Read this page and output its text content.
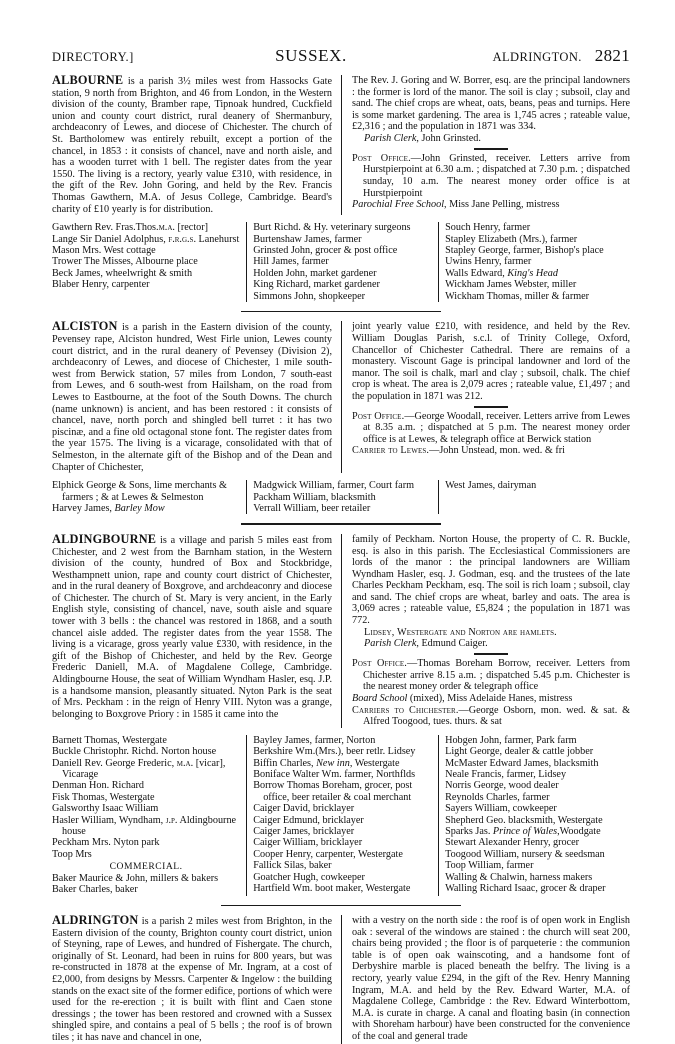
DIRECTORY.]	SUSSEX.	ALDRINGTON. 2821

ALBOURNE is a parish 3½ miles west from Hassocks Gate station, 9 north from Brighton, and 46 from London, in the Western division of the county, Bramber rape, Tipnoak hundred, Cuckfield union and county court district, rural deanery of Shermanbury, archdeaconry of Lewes, and diocese of Chichester. The church of St. Bartholomew was entirely rebuilt, except a portion of the chancel, in 1853 : it consists of chancel, nave and north aisle, and has a wooden turret with 1 bell. The register dates from the year 1550. The living is a rectory, yearly value £310, with residence, in the gift of the Rev. John Goring, and held by the Rev. Francis Thomas Gawthern, M.A. of Jesus College, Cambridge. Beard's charity of £10 yearly is for distribution.

The Rev. J. Goring and W. Borrer, esq. are the principal landowners : the former is lord of the manor. The soil is clay ; subsoil, clay and sand. The chief crops are wheat, oats, beans, peas and turnips. Here is some market gardening. The area is 1,745 acres ; rateable value, £2,316 ; and the population in 1871 was 334.

Parish Clerk, John Grinsted.

Post Office.—John Grinsted, receiver. Letters arrive from Hurstpierpoint at 6.30 a.m. ; dispatched at 7.30 p.m. ; dispatched sunday, 10 a.m. The nearest money order office is at Hurstpierpoint

Parochial Free School, Miss Jane Pelling, mistress

Gawthern Rev. Fras.Thos.m.a. [rector]
Lange Sir Daniel Adolphus, f.r.g.s. Lanehurst
Mason Mrs. West cottage
Trower The Misses, Albourne place
Beck James, wheelwright & smith
Blaber Henry, carpenter
Burt Richd. & Hy. veterinary surgeons
Burtenshaw James, farmer
Grinsted John, grocer & post office
Hill James, farmer
Holden John, market gardener
King Richard, market gardener
Simmons John, shopkeeper
Souch Henry, farmer
Stapley Elizabeth (Mrs.), farmer
Stapley George, farmer, Bishop's place
Uwins Henry, farmer
Walls Edward, King's Head
Wickham James Webster, miller
Wickham Thomas, miller & farmer

ALCISTON is a parish in the Eastern division of the county, Pevensey rape, Alciston hundred, West Firle union, Lewes county court district, and in the rural deanery of Pevensey (Division 2), archdeaconry of Lewes, and diocese of Chichester, 1 mile south-west from Berwick station, 57 miles from London, 7 south-east from Lewes, and 6 south-west from Hailsham, on the road from Lewes to Eastbourne, at the foot of the South Downs. The church (name unknown) is ancient, and has been restored : it consists of chancel, nave, north porch and shingled bell turret : it has two piscinæ, and a fine old octagonal stone font. The register dates from the year 1575. The living is a vicarage, consolidated with that of Selmeston, in the alternate gift of the Bishop and of the Dean and Chapter of Chichester,

joint yearly value £210, with residence, and held by the Rev. William Douglas Parish, s.c.l. of Trinity College, Oxford, Chancellor of Chichester Cathedral. There are remains of a monastery. Viscount Gage is principal landowner and lord of the manor. The soil is chalk, marl and clay ; subsoil, chalk. The chief crop is wheat. The area is 2,079 acres ; rateable value, £1,497 ; and the population in 1871 was 212.

Post Office.—George Woodall, receiver. Letters arrive from Lewes at 8.35 a.m. ; dispatched at 5 p.m. The nearest money order office is at Lewes, & telegraph office at Berwick station

Carrier to Lewes.—John Unstead, mon. wed. & fri

Elphick George & Sons, lime merchants & farmers ; & at Lewes & Selmeston
Harvey James, Barley Mow
Madgwick William, farmer, Court farm
Packham William, blacksmith
Verrall William, beer retailer
West James, dairyman

ALDINGBOURNE is a village and parish 5 miles east from Chichester, and 2 west from the Barnham station, in the Western division of the county, hundred of Box and Stockbridge, Westhampnett union, rape and county court district of Chichester, and in the rural deanery of Boxgrove, and archdeaconry and diocese of Chichester. The church of St. Mary is very ancient, in the Early English style, consisting of chancel, nave, south aisle and square tower with 3 bells : the chancel was restored in 1868, and a south chancel aisle added. The register dates from the year 1558. The living is a vicarage, gross yearly value £330, with residence, in the gift of the Bishop of Chichester, and held by the Rev. George Frederic Daniell, M.A. of Magdalene College, Cambridge. Aldingbourne House, the seat of William Wyndham Hasler, esq. J.P. is a handsome mansion, pleasantly situated. Nyton Park is the seat of Mrs. Peckham : in the reign of Henry VIII. Nyton was a grange, belonging to Boxgrove Priory : in 1585 it came into the

family of Peckham. Norton House, the property of C. R. Buckle, esq. is also in this parish. The Ecclesiastical Commissioners are lords of the manor : the principal landowners are William Wyndham Hasler, esq. J. Godman, esq. and the trustees of the late Charles Peckham Peckham, esq. The soil is rich loam ; subsoil, clay and sand. The chief crops are wheat, barley and oats. The area is 3,069 acres ; rateable value, £5,824 ; the population in 1871 was 772.

Lidsey, Westergate and Norton are hamlets.

Parish Clerk, Edmund Caiger.

Post Office.—Thomas Boreham Borrow, receiver. Letters from Chichester arrive 8.15 a.m. ; dispatched 5.45 p.m. Chichester is the nearest money order & telegraph office

Board School (mixed), Miss Adelaide Hanes, mistress

Carriers to Chichester.—George Osborn, mon. wed. & sat. & Alfred Toogood, tues. thurs. & sat

Barnett Thomas, Westergate
Buckle Christophr. Richd. Norton house
Daniell Rev. George Frederic, m.a. [vicar], Vicarage
Denman Hon. Richard
Fisk Thomas, Westergate
Galsworthy Isaac William
Hasler William, Wyndham, j.p. Aldingbourne house
Peckham Mrs. Nyton park
Toop Mrs
COMMERCIAL.
Baker Maurice & John, millers & bakers
Baker Charles, baker
Bayley James, farmer, Norton
Berkshire Wm.(Mrs.), beer retlr. Lidsey
Biffin Charles, New inn, Westergate
Boniface Walter Wm. farmer, Northflds
Borrow Thomas Boreham, grocer, post office, beer retailer & coal merchant
Caiger David, bricklayer
Caiger Edmund, bricklayer
Caiger James, bricklayer
Caiger William, bricklayer
Cooper Henry, carpenter, Westergate
Fallick Silas, baker
Goatcher Hugh, cowkeeper
Hartfield Wm. boot maker, Westergate
Hobgen John, farmer, Park farm
Light George, dealer & cattle jobber
McMaster Edward James, blacksmith
Neale Francis, farmer, Lidsey
Norris George, wood dealer
Reynolds Charles, farmer
Sayers William, cowkeeper
Shepherd Geo. blacksmith, Westergate
Sparks Jas. Prince of Wales,Woodgate
Stewart Alexander Henry, grocer
Toogood William, nursery & seedsman
Toop William, farmer
Walling & Chalwin, harness makers
Walling Richard Isaac, grocer & draper

ALDRINGTON is a parish 2 miles west from Brighton, in the Eastern division of the county, Brighton county court district, union of Steyning, rape of Lewes, and hundred of Fishergate. The church, originally of St. Leonard, had been in ruins for 800 years, but was re-constructed in 1878 at the expense of Mr. Ingram, at a cost of £2,000, from designs by Messrs. Carpenter & Ingelow : the building stands on the exact site of the former edifice, portions of which were used for the re-erection ; it is built with flint and Caen stone dressings ; the tower has been restored and crowned with a Sussex shingled spire, and contains a peal of 5 bells ; the roof is of brown tiles ; it has nave and chancel in one,

with a vestry on the north side : the roof is of open work in English oak : several of the windows are stained : the church will seat 200, chairs being provided ; the floor is of parqueterie : the communion table is of open oak wainscoting, and a handsome font of Derbyshire marble is placed beneath the belfry. The living is a rectory, yearly value £294, in the gift of the Rev. Henry Manning Ingram, M.A. and held by the Rev. Edward Warter, M.A. of Magdalene College, Cambridge : the Rev. Edward Winterbottom, M.A. is curate in charge. A canal and floating basin (in connection with Shoreham harbour) have been constructed for the convenience of the coal and general trade
